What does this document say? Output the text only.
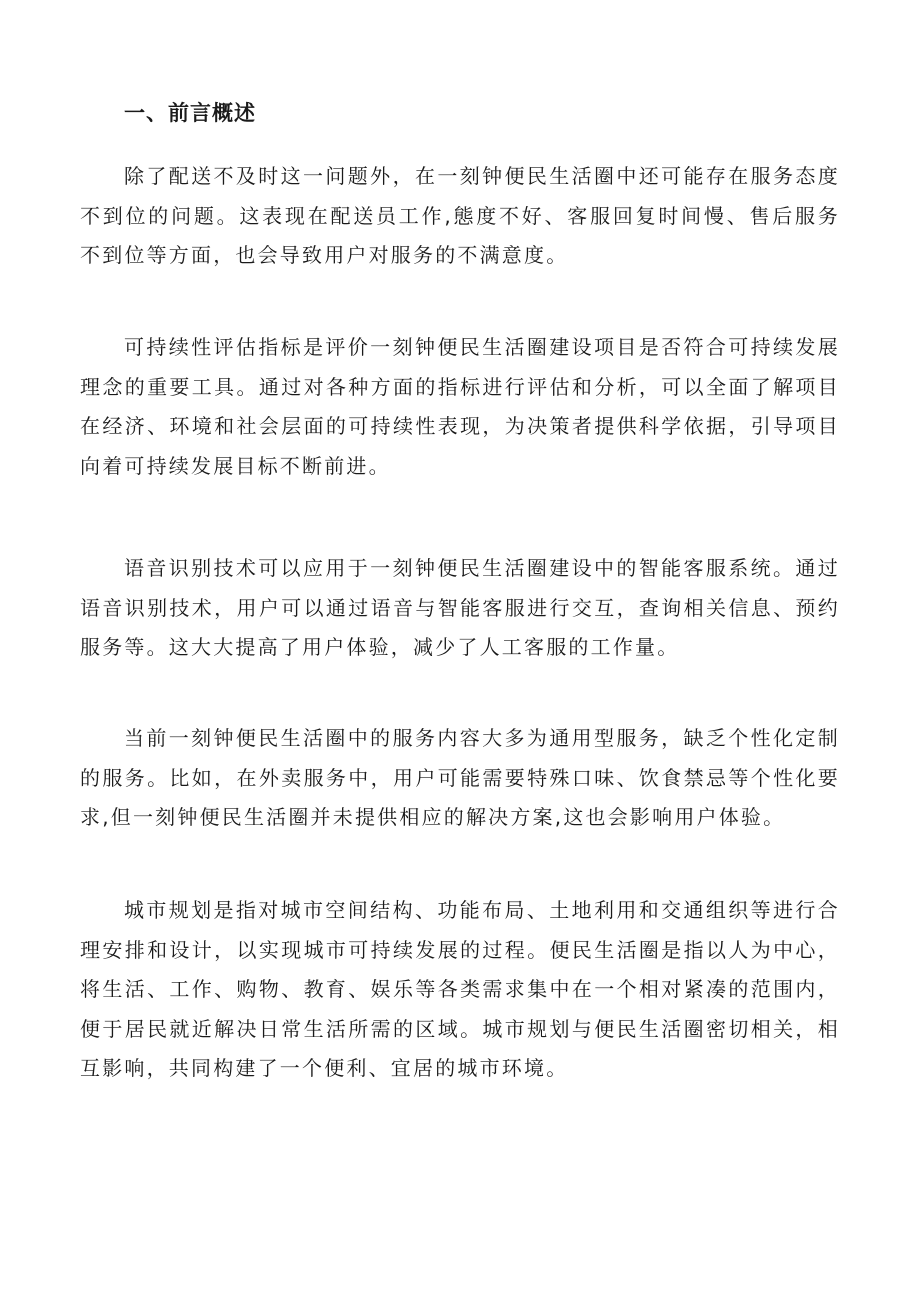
一、前言概述

除了配送不及时这一问题外，在一刻钟便民生活圈中还可能存在服务态度不到位的问题。这表现在配送员工作,態度不好、客服回复时间慢、售后服务不到位等方面，也会导致用户对服务的不满意度。

可持续性评估指标是评价一刻钟便民生活圈建设项目是否符合可持续发展理念的重要工具。通过对各种方面的指标进行评估和分析，可以全面了解项目在经济、环境和社会层面的可持续性表现，为决策者提供科学依据，引导项目向着可持续发展目标不断前进。

语音识别技术可以应用于一刻钟便民生活圈建设中的智能客服系统。通过语音识别技术，用户可以通过语音与智能客服进行交互，查询相关信息、预约服务等。这大大提高了用户体验，减少了人工客服的工作量。

当前一刻钟便民生活圈中的服务内容大多为通用型服务，缺乏个性化定制的服务。比如，在外卖服务中，用户可能需要特殊口味、饮食禁忌等个性化要求,但一刻钟便民生活圈并未提供相应的解决方案,这也会影响用户体验。

城市规划是指对城市空间结构、功能布局、土地利用和交通组织等进行合理安排和设计，以实现城市可持续发展的过程。便民生活圈是指以人为中心，将生活、工作、购物、教育、娱乐等各类需求集中在一个相对紧凑的范围内，便于居民就近解决日常生活所需的区域。城市规划与便民生活圈密切相关，相互影响，共同构建了一个便利、宜居的城市环境。
